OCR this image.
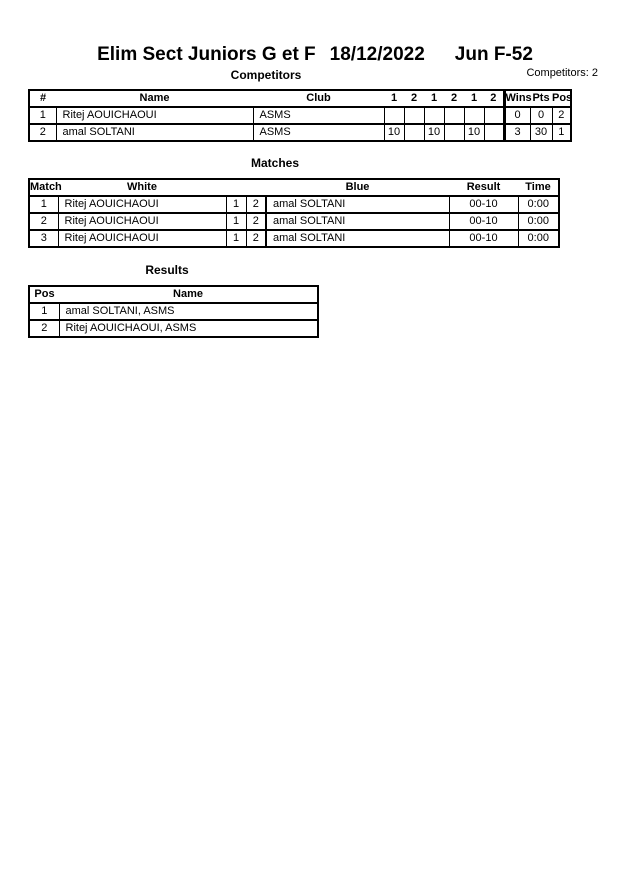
Elim Sect Juniors G et F 18/12/2022 Jun F-52
Competitors	Competitors: 2
#	Name	Club	1	2	1	2	1	2	Wins	Pts	Pos
1	Ritej AOUICHAOUI	ASMS							0	0	2
2	amal SOLTANI	ASMS	10		10		10		3	30	1
Matches
Match	White			Blue	Result	Time
1	Ritej AOUICHAOUI	1	2	amal SOLTANI	00-10	0:00
2	Ritej AOUICHAOUI	1	2	amal SOLTANI	00-10	0:00
3	Ritej AOUICHAOUI	1	2	amal SOLTANI	00-10	0:00
Results
Pos	Name
1	amal SOLTANI, ASMS
2	Ritej AOUICHAOUI, ASMS
